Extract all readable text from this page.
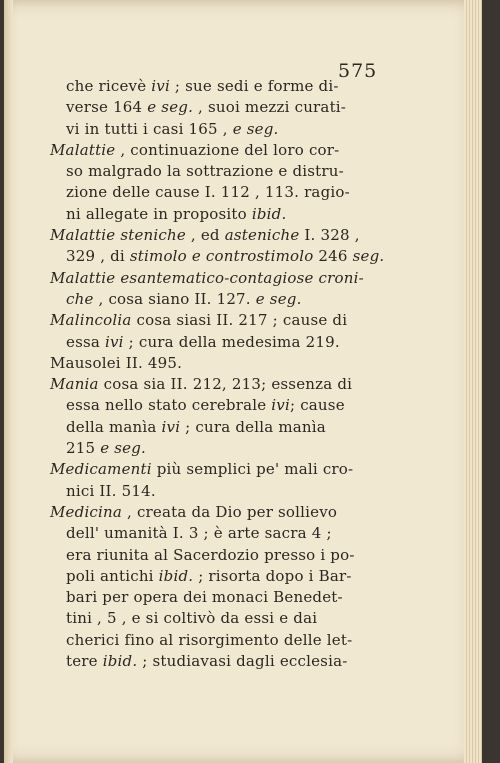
575
che ricevè ivi ; sue sedi e forme di-
verse 164 e seg. , suoi mezzi curati-
vi in tutti i casi 165 , e seg.
Malattie , continuazione del loro cor-
so malgrado la sottrazione e distru-
zione delle cause I. 112 , 113. ragio-
ni allegate in proposito ibid.
Malattie steniche , ed asteniche I. 328 ,
329 , di stimolo e controstimolo 246 seg.
Malattie esantematico-contagiose croni-
che , cosa siano II. 127. e seg.
Malincolia cosa siasi II. 217 ; cause di
essa ivi ; cura della medesima 219.
Mausolei II. 495.
Mania cosa sia II. 212, 213; essenza di
essa nello stato cerebrale ivi; cause
della manìa ivi ; cura della manìa
215 e seg.
Medicamenti più semplici pe' mali cro-
nici II. 514.
Medicina , creata da Dio per sollievo
dell' umanità I. 3 ; è arte sacra 4 ;
era riunita al Sacerdozio presso i po-
poli antichi ibid. ; risorta dopo i Bar-
bari per opera dei monaci Benedet-
tini , 5 , e si coltivò da essi e dai
cherici fino al risorgimento delle let-
tere ibid. ; studiavasi dagli ecclesia-
